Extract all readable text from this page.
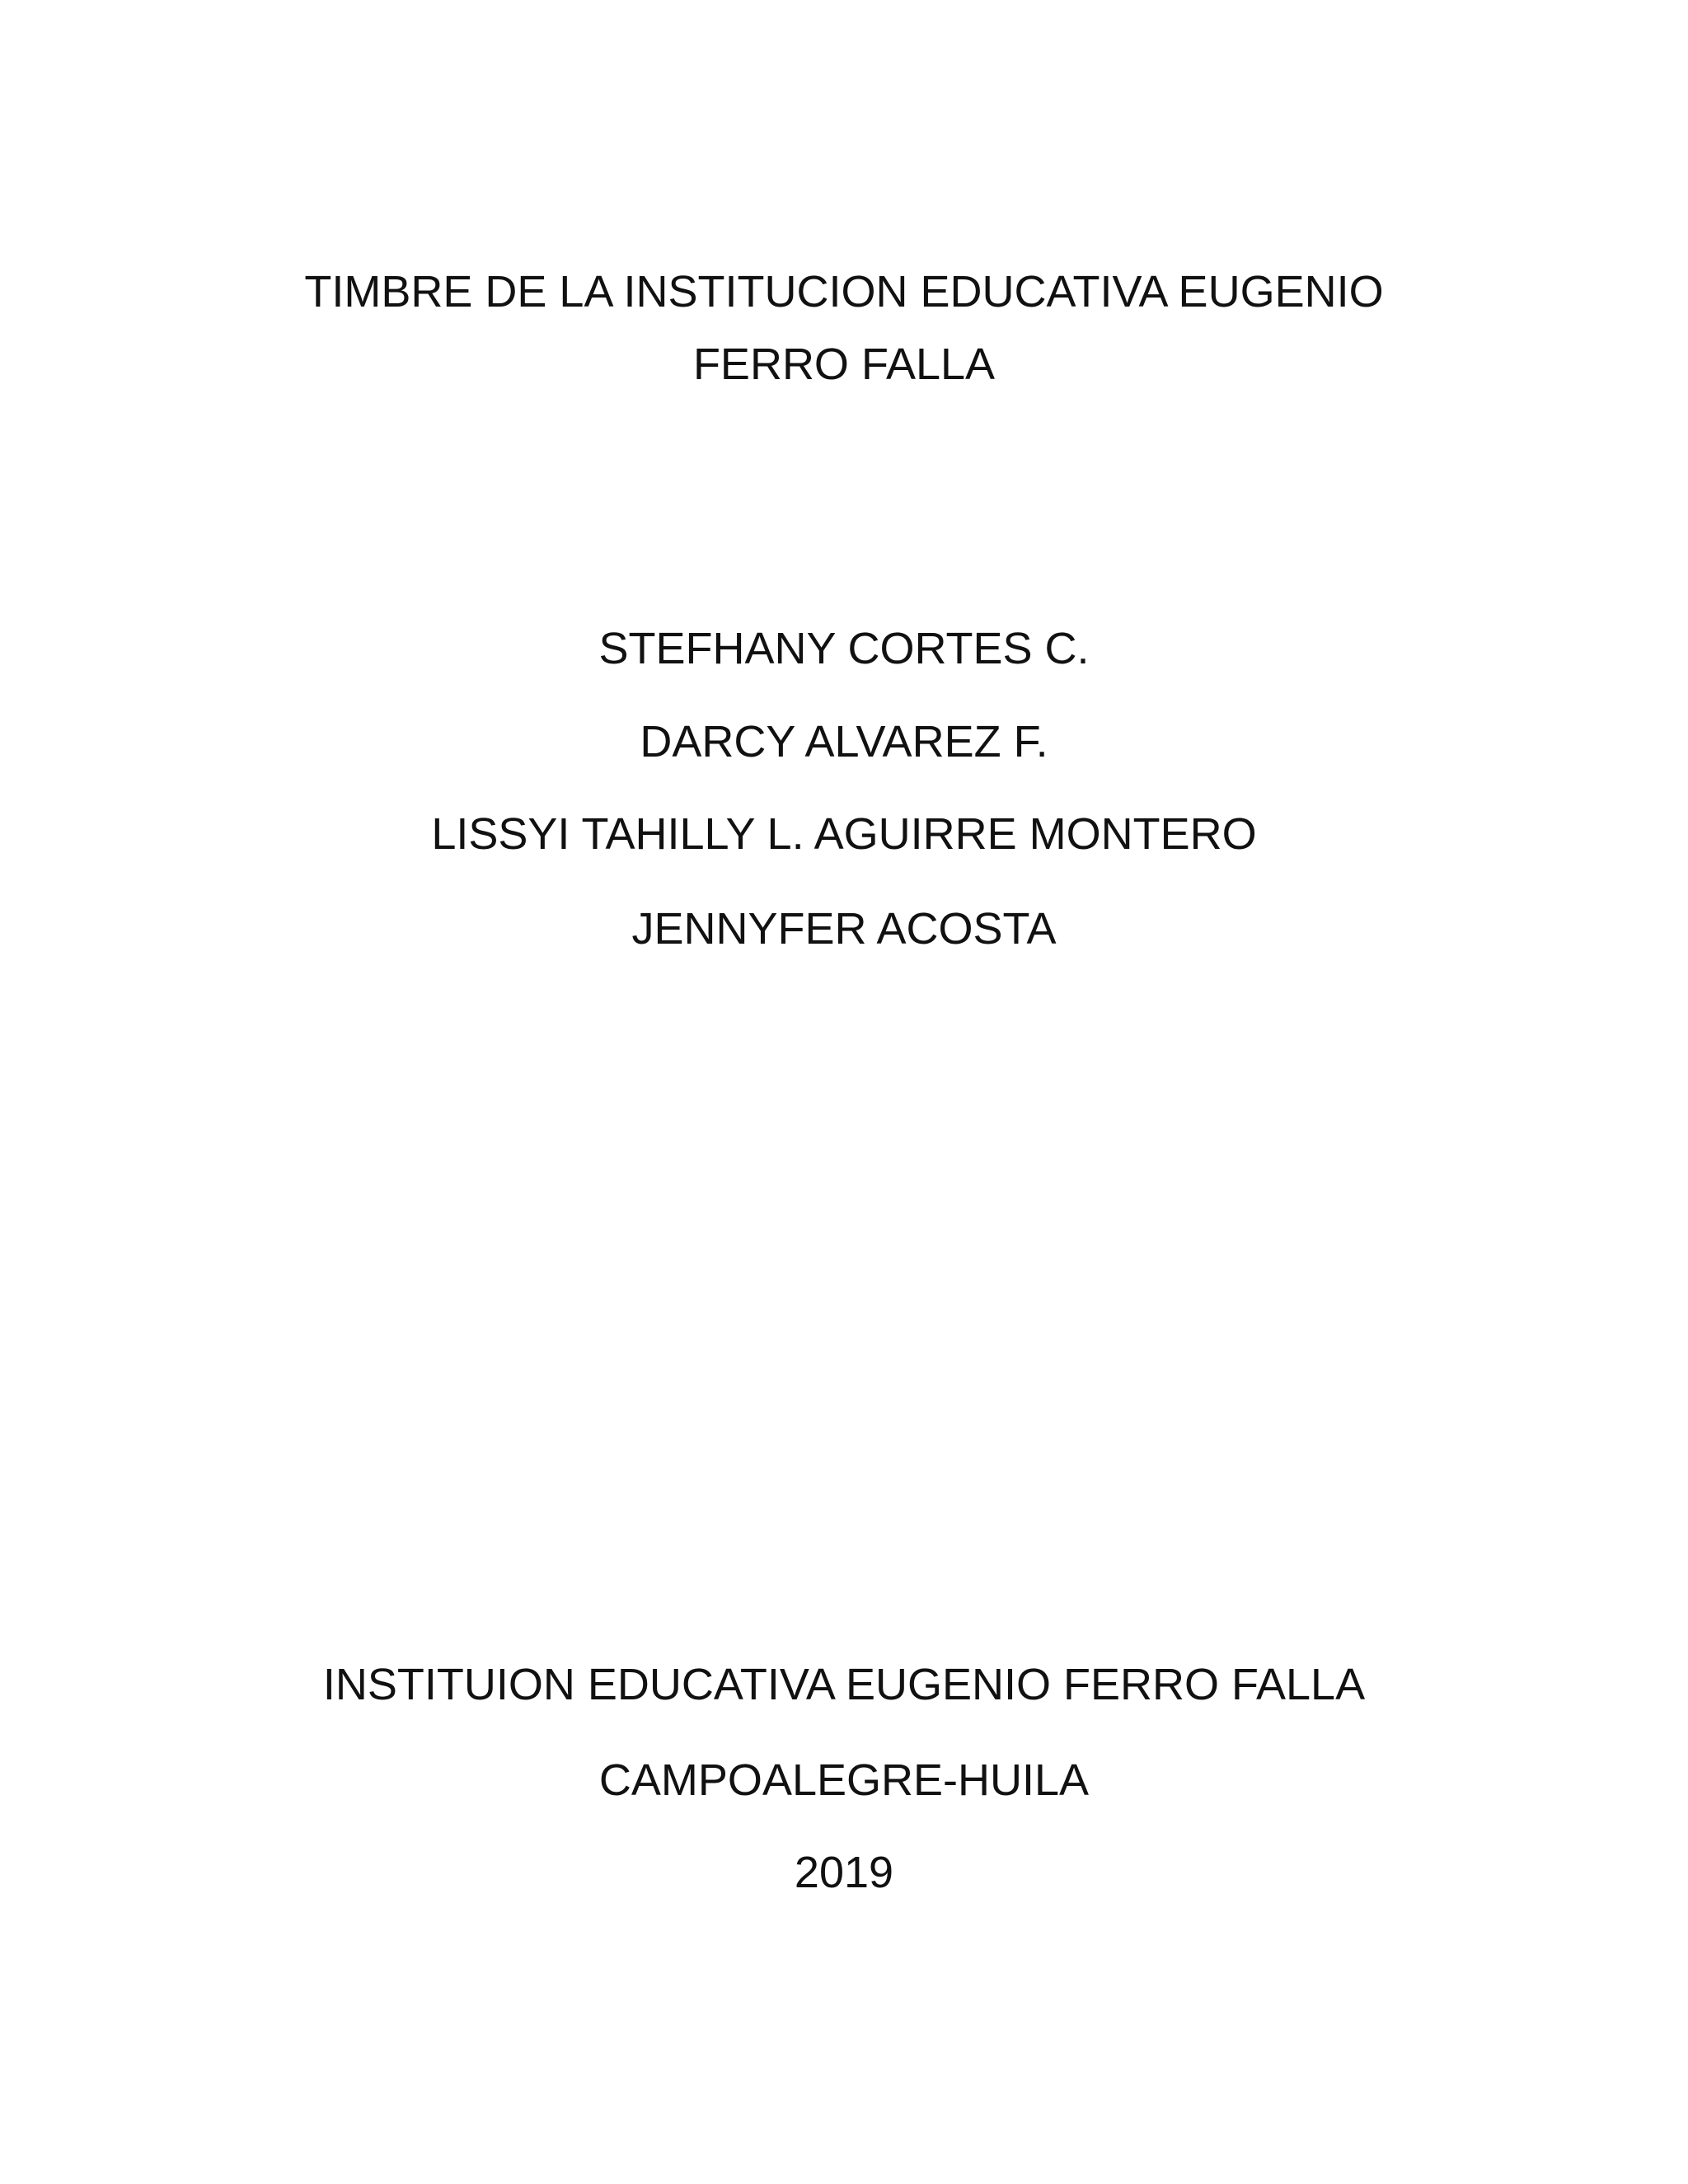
TIMBRE DE LA INSTITUCION EDUCATIVA EUGENIO
FERRO FALLA
STEFHANY CORTES C.
DARCY ALVAREZ F.
LISSYI TAHILLY L. AGUIRRE MONTERO
JENNYFER ACOSTA
INSTITUION EDUCATIVA EUGENIO FERRO FALLA
CAMPOALEGRE-HUILA
2019
